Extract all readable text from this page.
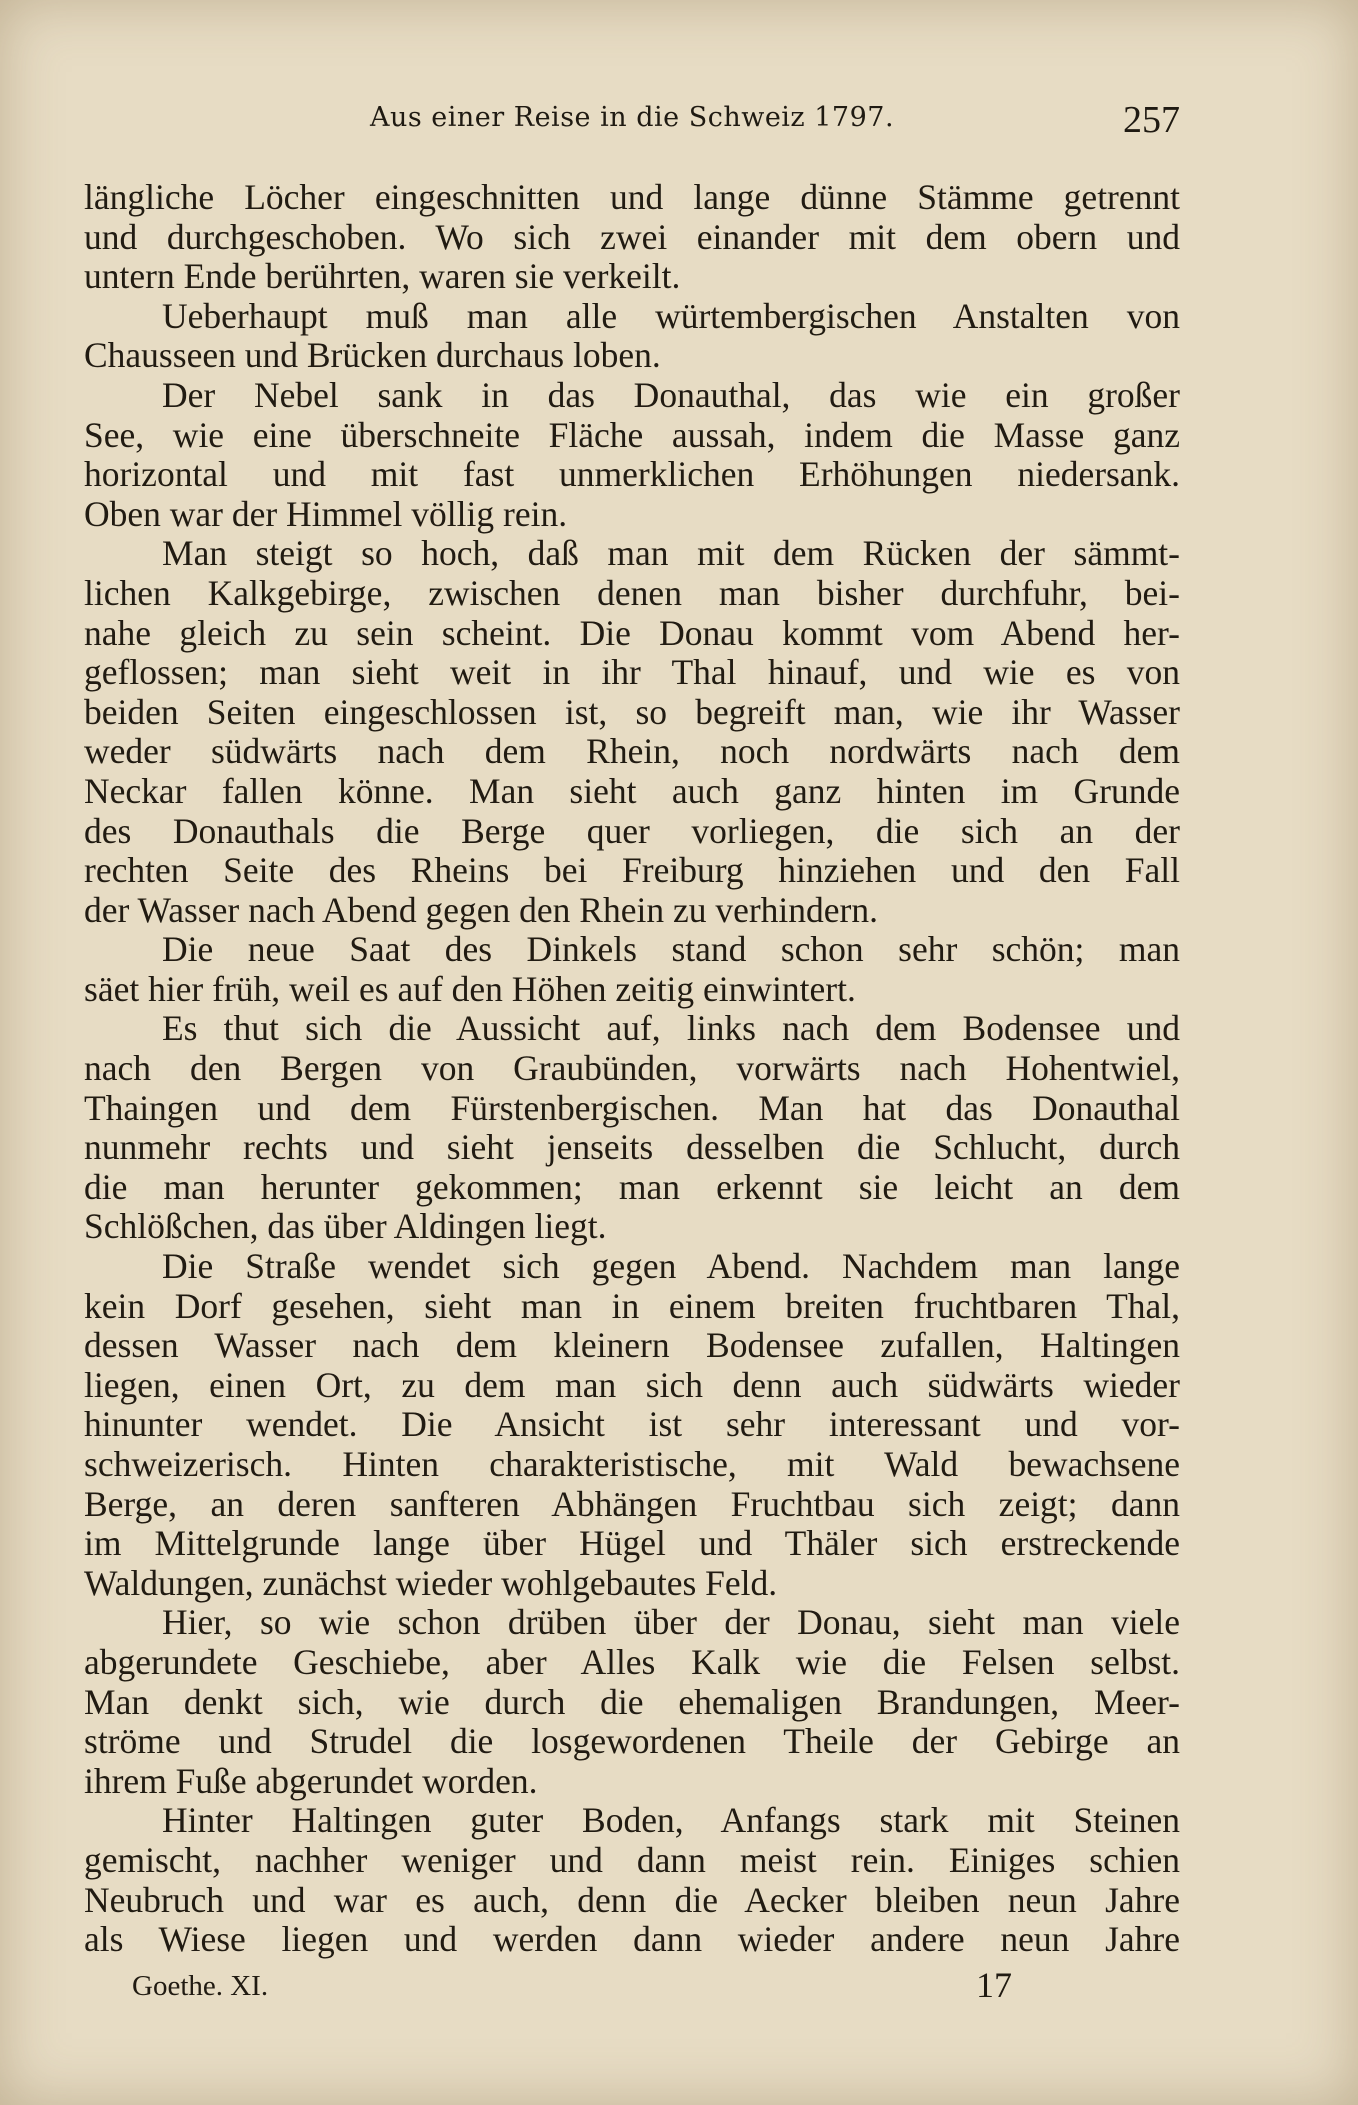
Aus einer Reise in die Schweiz 1797.	257
längliche Löcher eingeschnitten und lange dünne Stämme getrennt
und durchgeschoben. Wo sich zwei einander mit dem obern und
untern Ende berührten, waren sie verkeilt.
Ueberhaupt muß man alle würtembergischen Anstalten von
Chausseen und Brücken durchaus loben.
Der Nebel sank in das Donauthal, das wie ein großer
See, wie eine überschneite Fläche aussah, indem die Masse ganz
horizontal und mit fast unmerklichen Erhöhungen niedersank.
Oben war der Himmel völlig rein.
Man steigt so hoch, daß man mit dem Rücken der sämmt-
lichen Kalkgebirge, zwischen denen man bisher durchfuhr, bei-
nahe gleich zu sein scheint. Die Donau kommt vom Abend her-
geflossen; man sieht weit in ihr Thal hinauf, und wie es von
beiden Seiten eingeschlossen ist, so begreift man, wie ihr Wasser
weder südwärts nach dem Rhein, noch nordwärts nach dem
Neckar fallen könne. Man sieht auch ganz hinten im Grunde
des Donauthals die Berge quer vorliegen, die sich an der
rechten Seite des Rheins bei Freiburg hinziehen und den Fall
der Wasser nach Abend gegen den Rhein zu verhindern.
Die neue Saat des Dinkels stand schon sehr schön; man
säet hier früh, weil es auf den Höhen zeitig einwintert.
Es thut sich die Aussicht auf, links nach dem Bodensee und
nach den Bergen von Graubünden, vorwärts nach Hohentwiel,
Thaingen und dem Fürstenbergischen. Man hat das Donauthal
nunmehr rechts und sieht jenseits desselben die Schlucht, durch
die man herunter gekommen; man erkennt sie leicht an dem
Schlößchen, das über Aldingen liegt.
Die Straße wendet sich gegen Abend. Nachdem man lange
kein Dorf gesehen, sieht man in einem breiten fruchtbaren Thal,
dessen Wasser nach dem kleinern Bodensee zufallen, Haltingen
liegen, einen Ort, zu dem man sich denn auch südwärts wieder
hinunter wendet. Die Ansicht ist sehr interessant und vor-
schweizerisch. Hinten charakteristische, mit Wald bewachsene
Berge, an deren sanfteren Abhängen Fruchtbau sich zeigt; dann
im Mittelgrunde lange über Hügel und Thäler sich erstreckende
Waldungen, zunächst wieder wohlgebautes Feld.
Hier, so wie schon drüben über der Donau, sieht man viele
abgerundete Geschiebe, aber Alles Kalk wie die Felsen selbst.
Man denkt sich, wie durch die ehemaligen Brandungen, Meer-
ströme und Strudel die losgewordenen Theile der Gebirge an
ihrem Fuße abgerundet worden.
Hinter Haltingen guter Boden, Anfangs stark mit Steinen
gemischt, nachher weniger und dann meist rein. Einiges schien
Neubruch und war es auch, denn die Aecker bleiben neun Jahre
als Wiese liegen und werden dann wieder andere neun Jahre
Goethe. XI.	17
